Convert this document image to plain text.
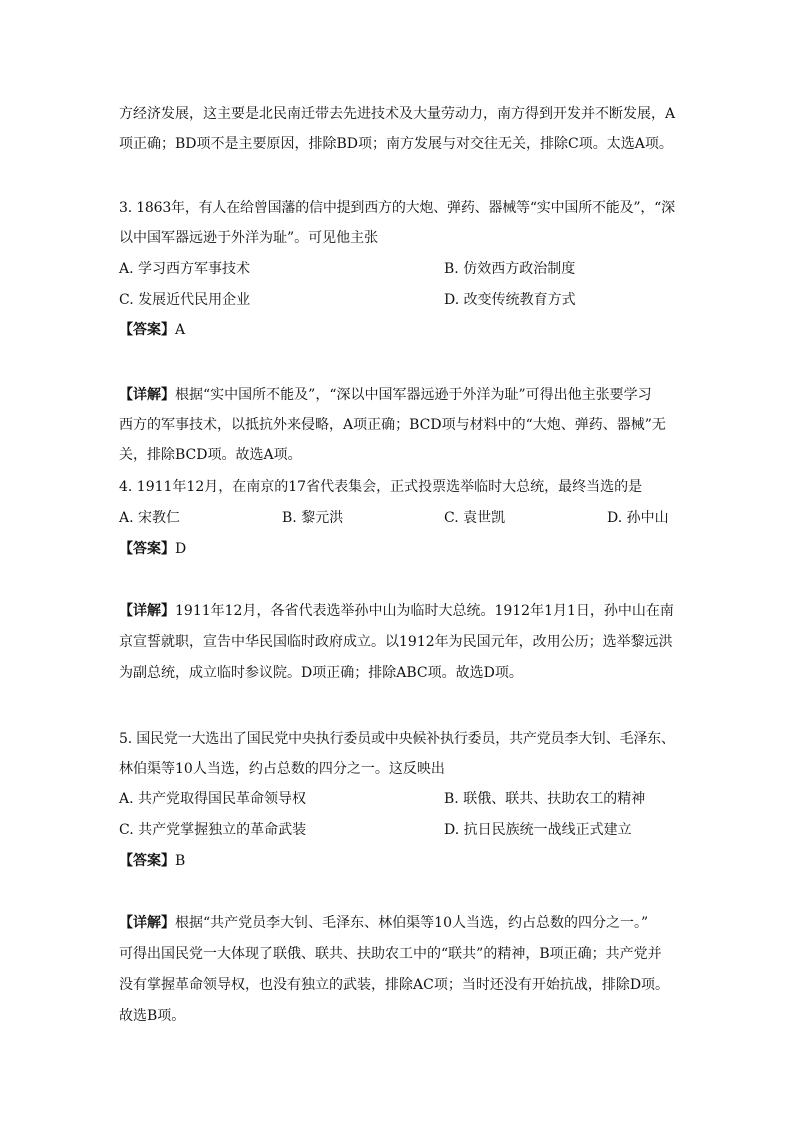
方经济发展，这主要是北民南迁带去先进技术及大量劳动力，南方得到开发并不断发展，A
项正确；BD项不是主要原因，排除BD项；南方发展与对交往无关，排除C项。太选A项。
3. 1863年，有人在给曾国藩的信中提到西方的大炮、弹药、器械等“实中国所不能及”，“深
以中国军器远逊于外洋为耻”。可见他主张
A. 学习西方军事技术	B. 仿效西方政治制度
C. 发展近代民用企业	D. 改变传统教育方式
【答案】A
【详解】根据“实中国所不能及”，“深以中国军器远逊于外洋为耻”可得出他主张要学习
西方的军事技术，以抵抗外来侵略，A项正确；BCD项与材料中的“大炮、弹药、器械”无
关，排除BCD项。故选A项。
4. 1911年12月，在南京的17省代表集会，正式投票选举临时大总统，最终当选的是
A. 宋教仁	B. 黎元洪	C. 袁世凯	D. 孙中山
【答案】D
【详解】1911年12月，各省代表选举孙中山为临时大总统。1912年1月1日，孙中山在南
京宣誓就职，宣告中华民国临时政府成立。以1912年为民国元年，改用公历；选举黎远洪
为副总统，成立临时参议院。D项正确；排除ABC项。故选D项。
5. 国民党一大选出了国民党中央执行委员或中央候补执行委员，共产党员李大钊、毛泽东、
林伯渠等10人当选，约占总数的四分之一。这反映出
A. 共产党取得国民革命领导权	B. 联俄、联共、扶助农工的精神
C. 共产党掌握独立的革命武装	D. 抗日民族统一战线正式建立
【答案】B
【详解】根据“共产党员李大钊、毛泽东、林伯渠等10人当选，约占总数的四分之一。”
可得出国民党一大体现了联俄、联共、扶助农工中的“联共”的精神，B项正确；共产党并
没有掌握革命领导权，也没有独立的武装，排除AC项；当时还没有开始抗战，排除D项。
故选B项。
